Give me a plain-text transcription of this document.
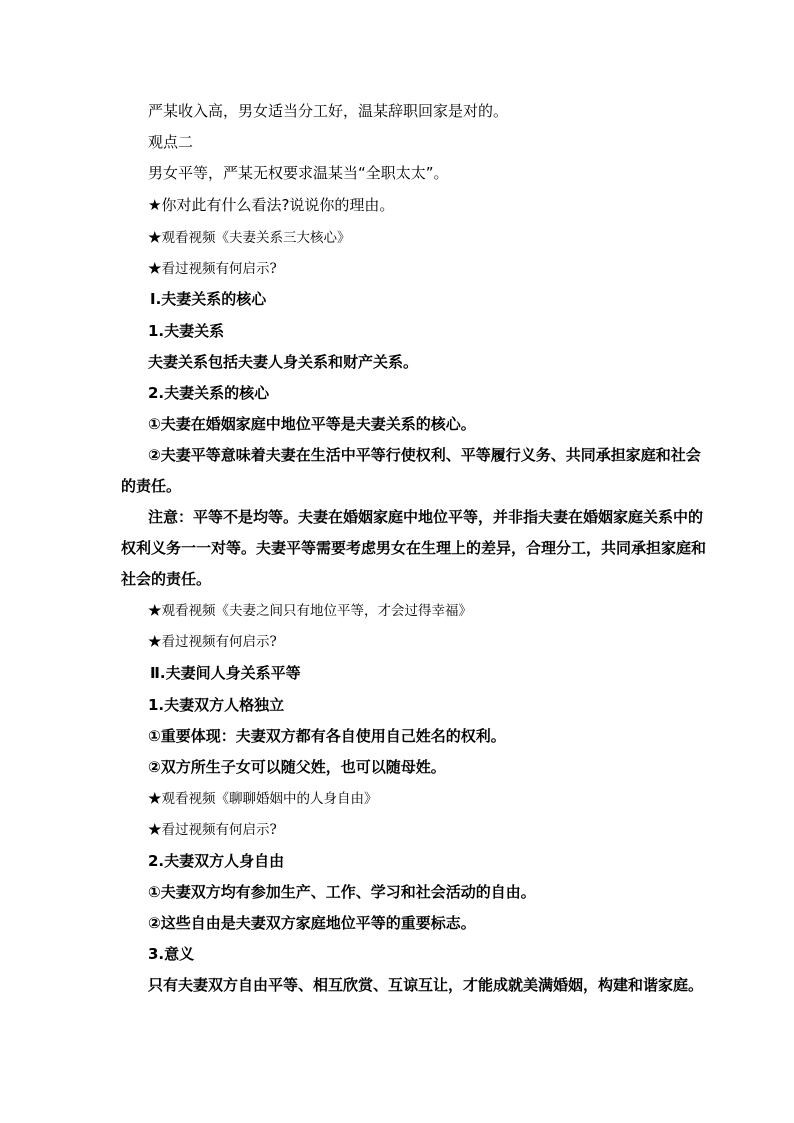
严某收入高，男女适当分工好，温某辞职回家是对的。
观点二
男女平等，严某无权要求温某当“全职太太”。
★你对此有什么看法?说说你的理由。
★观看视频《夫妻关系三大核心》
★看过视频有何启示?
Ⅰ.夫妻关系的核心
1.夫妻关系
夫妻关系包括夫妻人身关系和财产关系。
2.夫妻关系的核心
①夫妻在婚姻家庭中地位平等是夫妻关系的核心。
②夫妻平等意味着夫妻在生活中平等行使权利、平等履行义务、共同承担家庭和社会
的责任。
注意：平等不是均等。夫妻在婚姻家庭中地位平等，并非指夫妻在婚姻家庭关系中的
权利义务一一对等。夫妻平等需要考虑男女在生理上的差异，合理分工，共同承担家庭和
社会的责任。
★观看视频《夫妻之间只有地位平等，才会过得幸福》
★看过视频有何启示?
Ⅱ.夫妻间人身关系平等
1.夫妻双方人格独立
①重要体现：夫妻双方都有各自使用自己姓名的权利。
②双方所生子女可以随父姓，也可以随母姓。
★观看视频《聊聊婚姻中的人身自由》
★看过视频有何启示?
2.夫妻双方人身自由
①夫妻双方均有参加生产、工作、学习和社会活动的自由。
②这些自由是夫妻双方家庭地位平等的重要标志。
3.意义
只有夫妻双方自由平等、相互欣赏、互谅互让，才能成就美满婚姻，构建和谐家庭。
